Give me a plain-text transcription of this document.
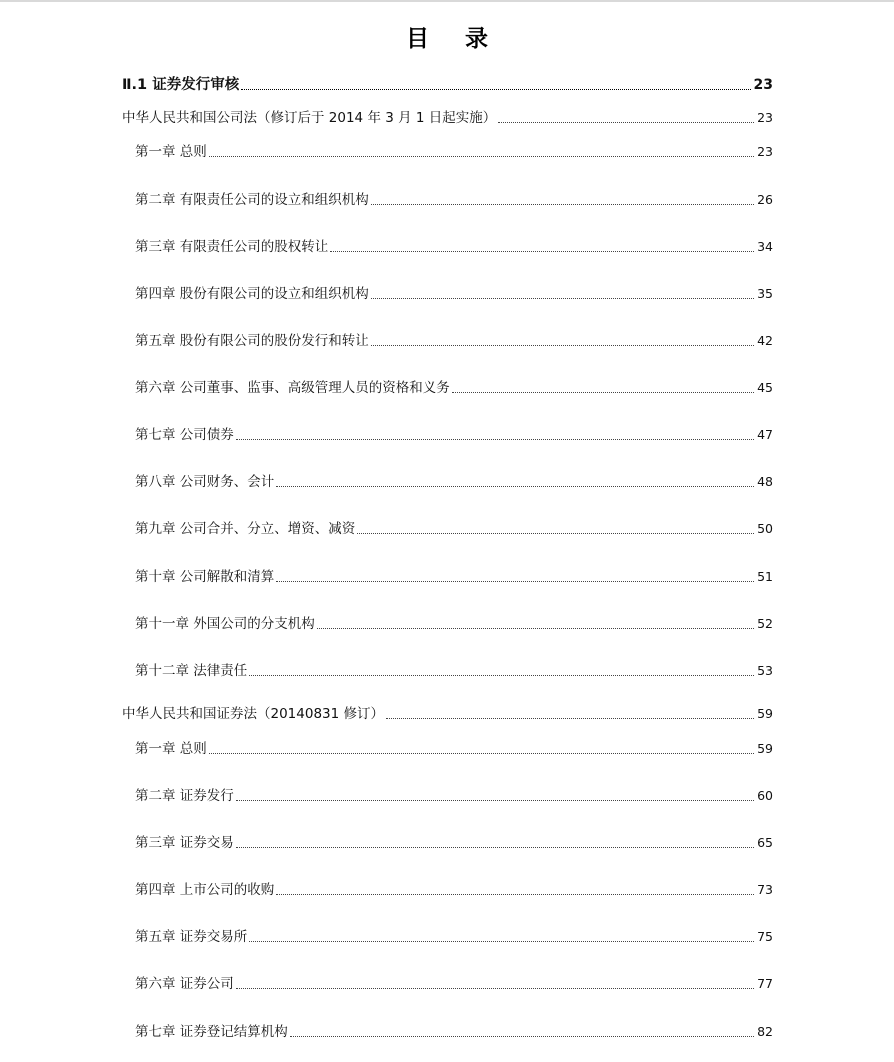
目 录
Ⅱ.1 证券发行审核	23
中华人民共和国公司法（修订后于 2014 年 3 月 1 日起实施）	23
第一章 总则	23
第二章 有限责任公司的设立和组织机构	26
第三章 有限责任公司的股权转让	34
第四章 股份有限公司的设立和组织机构	35
第五章 股份有限公司的股份发行和转让	42
第六章 公司董事、监事、高级管理人员的资格和义务	45
第七章 公司债券	47
第八章 公司财务、会计	48
第九章 公司合并、分立、增资、减资	50
第十章 公司解散和清算	51
第十一章 外国公司的分支机构	52
第十二章 法律责任	53
中华人民共和国证券法（20140831 修订）	59
第一章 总则	59
第二章 证券发行	60
第三章 证券交易	65
第四章 上市公司的收购	73
第五章 证券交易所	75
第六章 证券公司	77
第七章 证券登记结算机构	82
